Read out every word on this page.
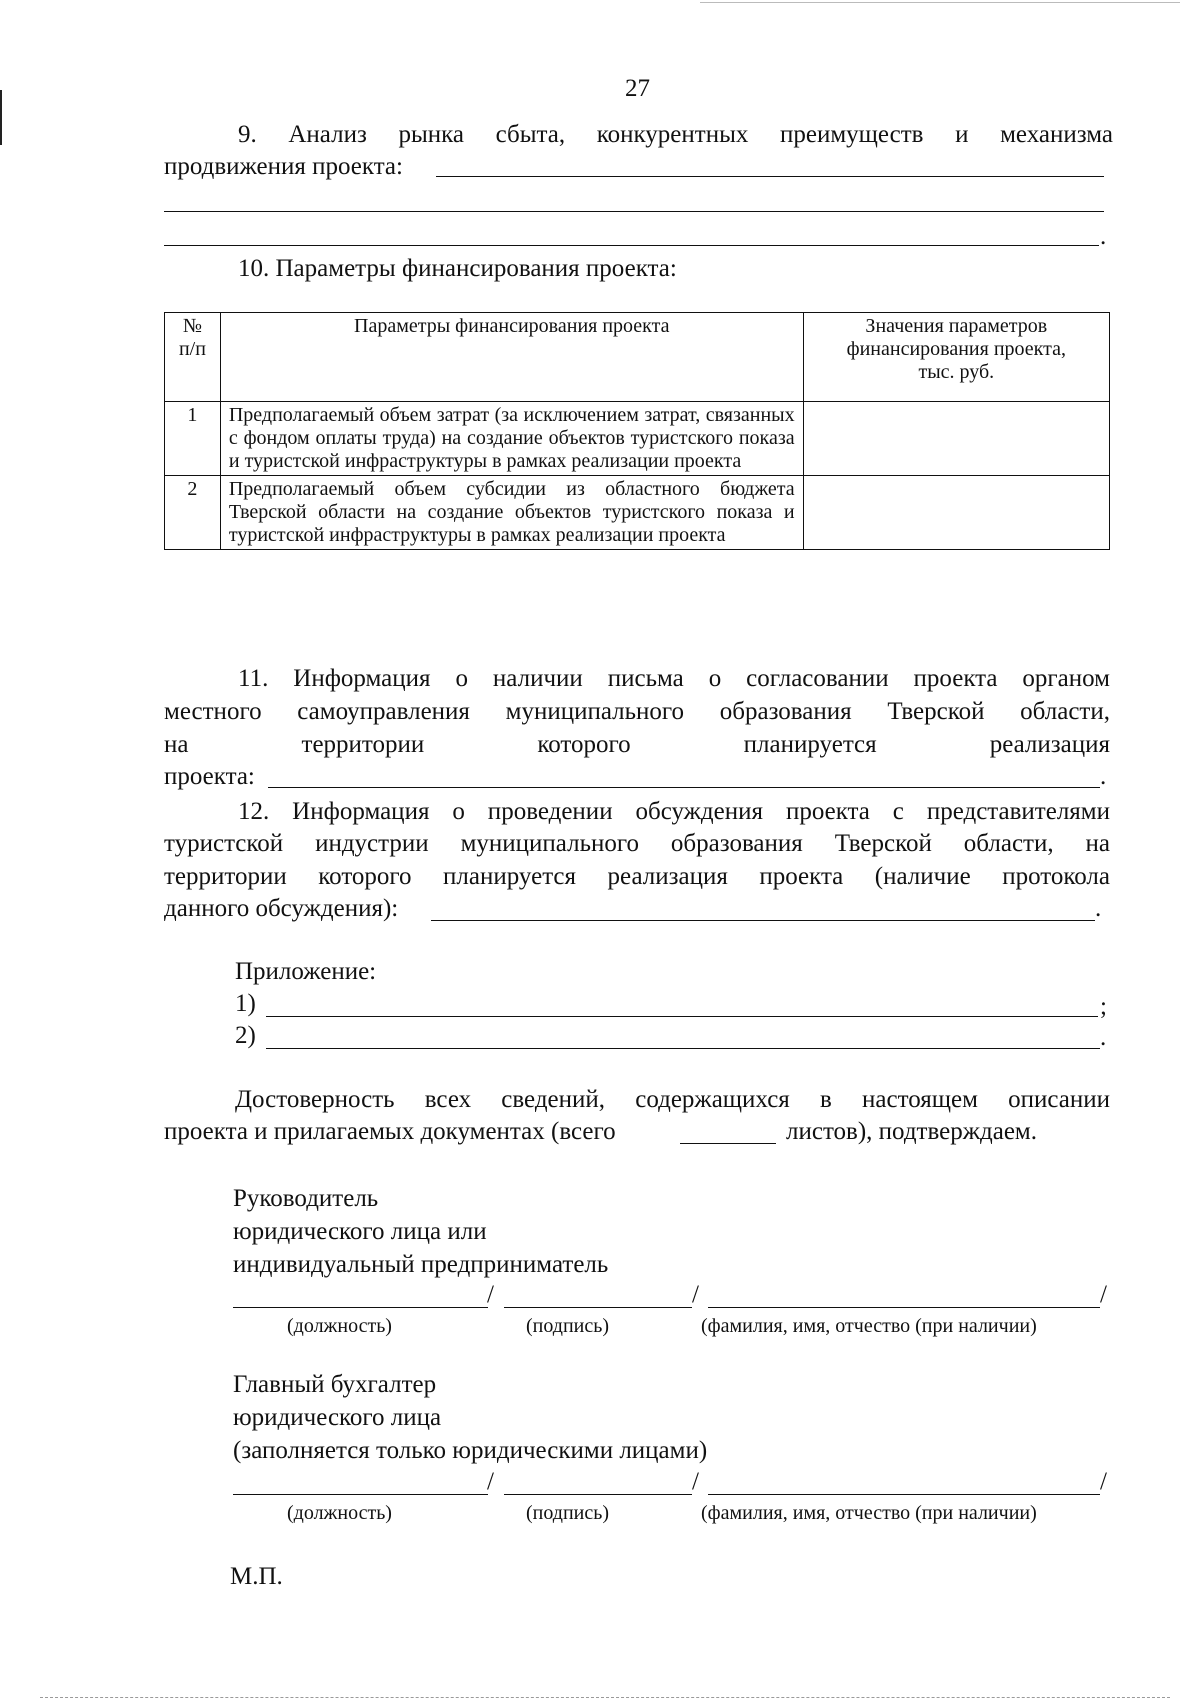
27
9. Анализ рынка сбыта, конкурентных преимуществ и механизма
продвижения проекта:
.
10. Параметры финансирования проекта:
№ п/п	Параметры финансирования проекта	Значения параметров финансирования проекта, тыс. руб.
1	Предполагаемый объем затрат (за исключением затрат, связанных с фондом оплаты труда) на создание объектов туристского показа и туристской инфраструктуры в рамках реализации проекта	
2	Предполагаемый объем субсидии из областного бюджета Тверской области на создание объектов туристского показа и туристской инфраструктуры в рамках реализации проекта	
11. Информация о наличии письма о согласовании проекта органом
местного самоуправления муниципального образования Тверской области,
на территории которого планируется реализация
проекта:	.
12. Информация о проведении обсуждения проекта с представителями
туристской индустрии муниципального образования Тверской области, на
территории которого планируется реализация проекта (наличие протокола
данного обсуждения):	.
Приложение:
1)	;
2)	.
Достоверность всех сведений, содержащихся в настоящем описании
проекта и прилагаемых документах (всего	листов), подтверждаем.
Руководитель
юридического лица или
индивидуальный предприниматель
/	/	/
(должность)	(подпись)	(фамилия, имя, отчество (при наличии)
Главный бухгалтер
юридического лица
(заполняется только юридическими лицами)
/	/	/
(должность)	(подпись)	(фамилия, имя, отчество (при наличии)
М.П.
